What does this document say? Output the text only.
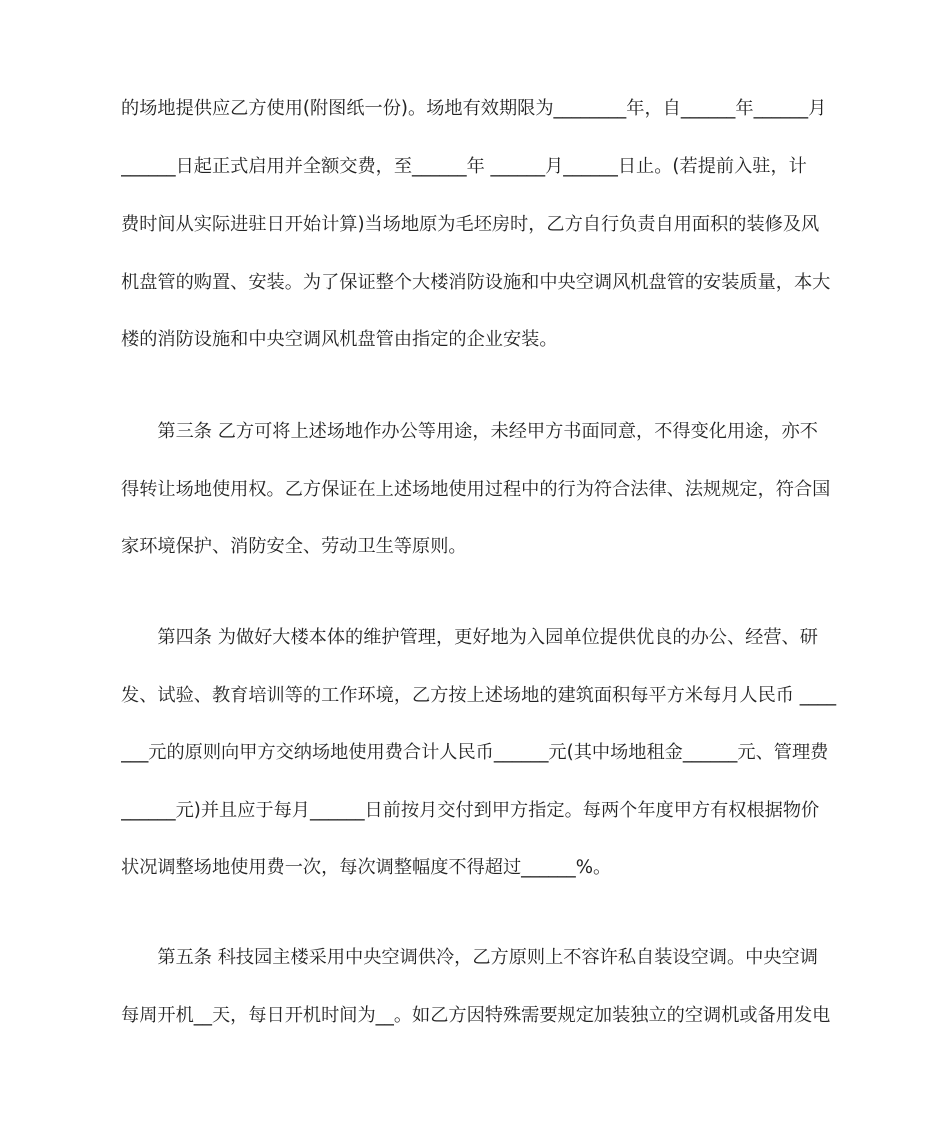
的场地提供应乙方使用(附图纸一份)。场地有效期限为________年，自______年______月
______日起正式启用并全额交费，至______年 ______月______日止。(若提前入驻，计
费时间从实际进驻日开始计算)当场地原为毛坯房时，乙方自行负责自用面积的装修及风
机盘管的购置、安装。为了保证整个大楼消防设施和中央空调风机盘管的安装质量，本大
楼的消防设施和中央空调风机盘管由指定的企业安装。
　　第三条 乙方可将上述场地作办公等用途，未经甲方书面同意，不得变化用途，亦不
得转让场地使用权。乙方保证在上述场地使用过程中的行为符合法律、法规规定，符合国
家环境保护、消防安全、劳动卫生等原则。
　　第四条 为做好大楼本体的维护管理，更好地为入园单位提供优良的办公、经营、研
发、试验、教育培训等的工作环境，乙方按上述场地的建筑面积每平方米每月人民币 ____
___元的原则向甲方交纳场地使用费合计人民币______元(其中场地租金______元、管理费
______元)并且应于每月______日前按月交付到甲方指定。每两个年度甲方有权根据物价
状况调整场地使用费一次，每次调整幅度不得超过______%。
　　第五条 科技园主楼采用中央空调供冷，乙方原则上不容许私自装设空调。中央空调
每周开机__天，每日开机时间为__。如乙方因特殊需要规定加装独立的空调机或备用发电
